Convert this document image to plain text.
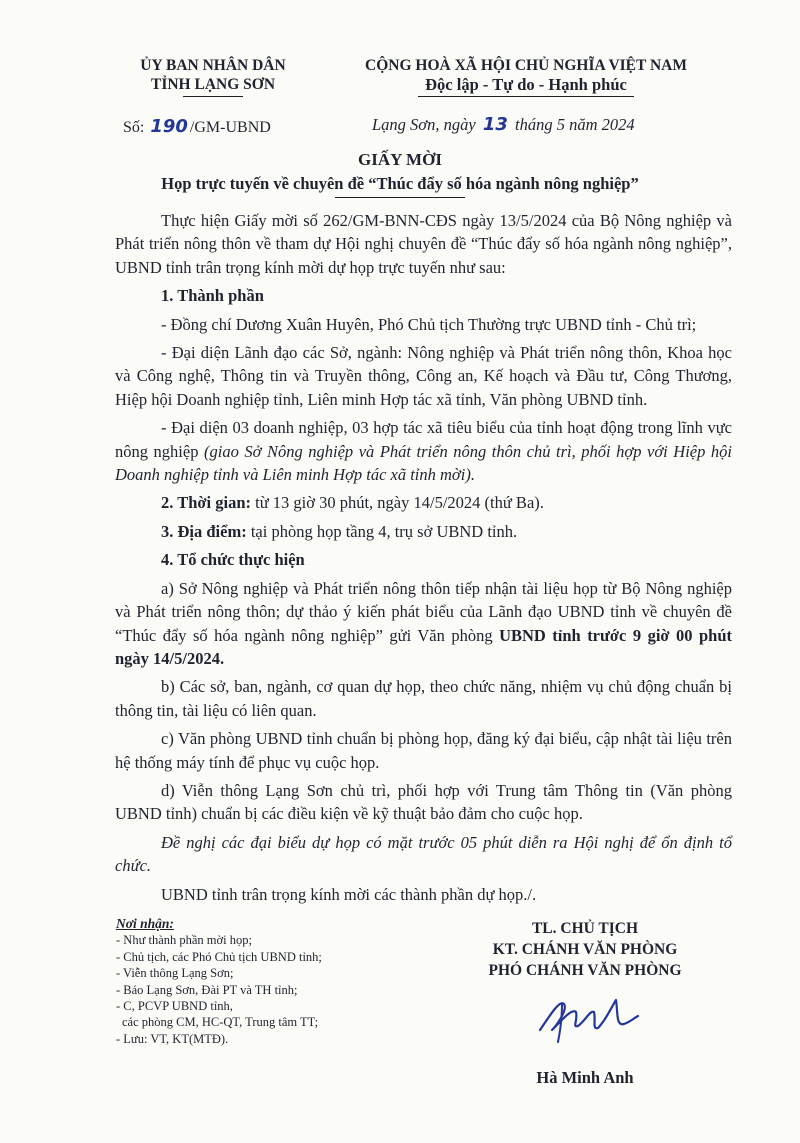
ỦY BAN NHÂN DÂN
TỈNH LẠNG SƠN
CỘNG HOÀ XÃ HỘI CHỦ NGHĨA VIỆT NAM
Độc lập - Tự do - Hạnh phúc
Số: 190 /GM-UBND	Lạng Sơn, ngày 13 tháng 5 năm 2024
GIẤY MỜI
Họp trực tuyến về chuyên đề “Thúc đẩy số hóa ngành nông nghiệp”

Thực hiện Giấy mời số 262/GM-BNN-CĐS ngày 13/5/2024 của Bộ Nông nghiệp và Phát triển nông thôn về tham dự Hội nghị chuyên đề “Thúc đẩy số hóa ngành nông nghiệp”, UBND tỉnh trân trọng kính mời dự họp trực tuyến như sau:

1. Thành phần

- Đồng chí Dương Xuân Huyên, Phó Chủ tịch Thường trực UBND tỉnh - Chủ trì;

- Đại diện Lãnh đạo các Sở, ngành: Nông nghiệp và Phát triển nông thôn, Khoa học và Công nghệ, Thông tin và Truyền thông, Công an, Kế hoạch và Đầu tư, Công Thương, Hiệp hội Doanh nghiệp tỉnh, Liên minh Hợp tác xã tỉnh, Văn phòng UBND tỉnh.

- Đại diện 03 doanh nghiệp, 03 hợp tác xã tiêu biểu của tỉnh hoạt động trong lĩnh vực nông nghiệp (giao Sở Nông nghiệp và Phát triển nông thôn chủ trì, phối hợp với Hiệp hội Doanh nghiệp tỉnh và Liên minh Hợp tác xã tỉnh mời).

2. Thời gian: từ 13 giờ 30 phút, ngày 14/5/2024 (thứ Ba).

3. Địa điểm: tại phòng họp tầng 4, trụ sở UBND tỉnh.

4. Tổ chức thực hiện

a) Sở Nông nghiệp và Phát triển nông thôn tiếp nhận tài liệu họp từ Bộ Nông nghiệp và Phát triển nông thôn; dự thảo ý kiến phát biểu của Lãnh đạo UBND tỉnh về chuyên đề “Thúc đẩy số hóa ngành nông nghiệp” gửi Văn phòng UBND tỉnh trước 9 giờ 00 phút ngày 14/5/2024.

b) Các sở, ban, ngành, cơ quan dự họp, theo chức năng, nhiệm vụ chủ động chuẩn bị thông tin, tài liệu có liên quan.

c) Văn phòng UBND tỉnh chuẩn bị phòng họp, đăng ký đại biểu, cập nhật tài liệu trên hệ thống máy tính để phục vụ cuộc họp.

d) Viễn thông Lạng Sơn chủ trì, phối hợp với Trung tâm Thông tin (Văn phòng UBND tỉnh) chuẩn bị các điều kiện về kỹ thuật bảo đảm cho cuộc họp.

Đề nghị các đại biểu dự họp có mặt trước 05 phút diễn ra Hội nghị để ổn định tổ chức.

UBND tỉnh trân trọng kính mời các thành phần dự họp./.

Nơi nhận:
- Như thành phần mời họp;
- Chủ tịch, các Phó Chủ tịch UBND tỉnh;
- Viễn thông Lạng Sơn;
- Báo Lạng Sơn, Đài PT và TH tỉnh;
- C, PCVP UBND tỉnh,
các phòng CM, HC-QT, Trung tâm TT;
- Lưu: VT, KT(MTĐ).
TL. CHỦ TỊCH
KT. CHÁNH VĂN PHÒNG
PHÓ CHÁNH VĂN PHÒNG
Hà Minh Anh
